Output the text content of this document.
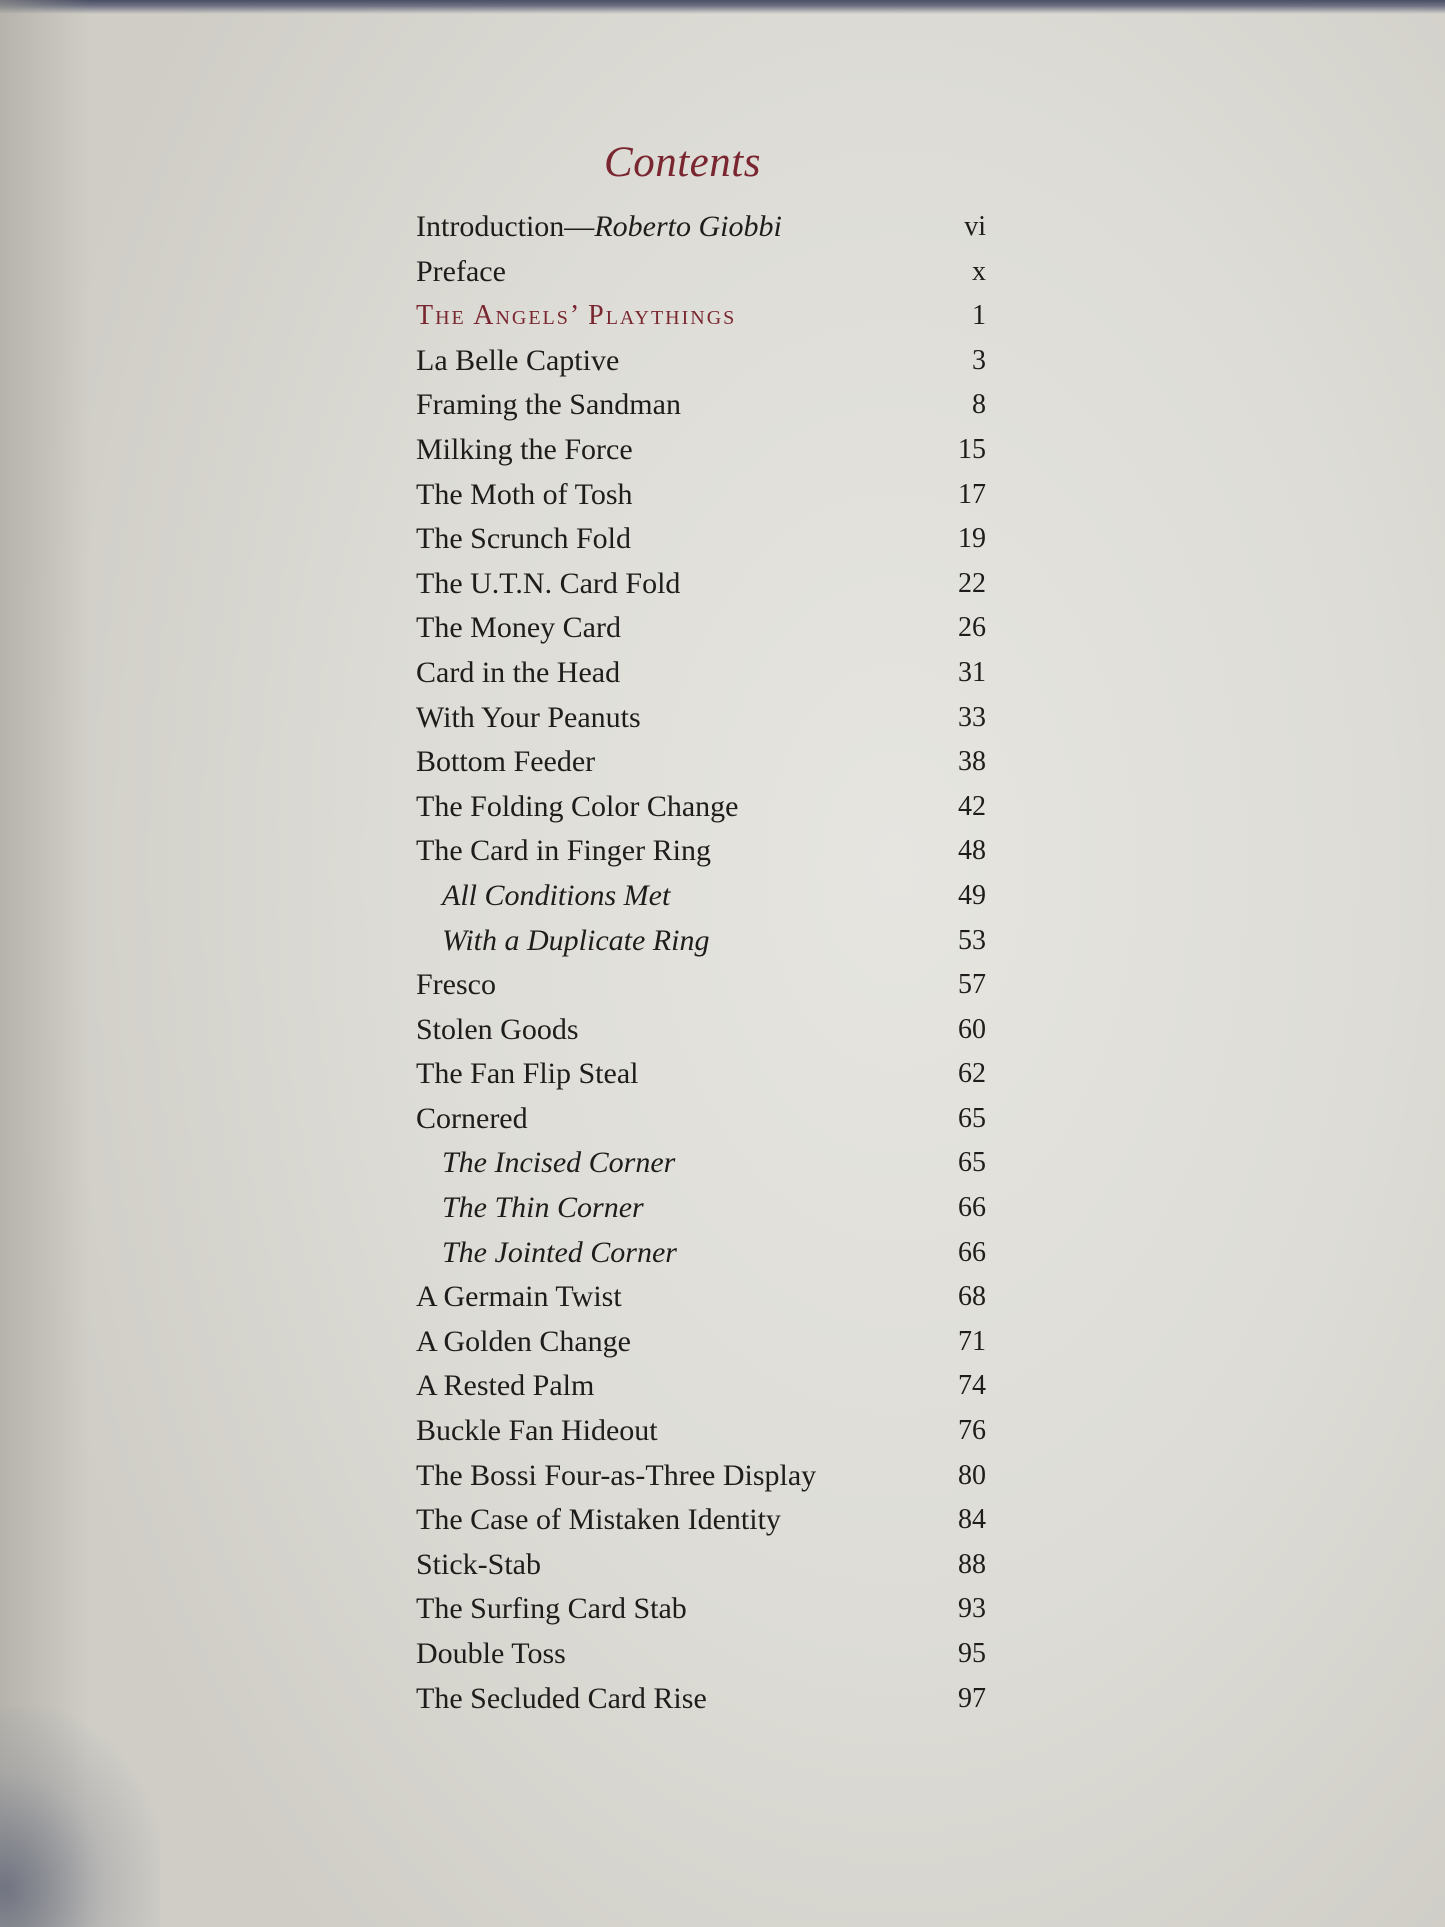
Contents
Introduction—Roberto Giobbi	vi
Preface	x
The Angels’ Playthings	1
La Belle Captive	3
Framing the Sandman	8
Milking the Force	15
The Moth of Tosh	17
The Scrunch Fold	19
The U.T.N. Card Fold	22
The Money Card	26
Card in the Head	31
With Your Peanuts	33
Bottom Feeder	38
The Folding Color Change	42
The Card in Finger Ring	48
All Conditions Met	49
With a Duplicate Ring	53
Fresco	57
Stolen Goods	60
The Fan Flip Steal	62
Cornered	65
The Incised Corner	65
The Thin Corner	66
The Jointed Corner	66
A Germain Twist	68
A Golden Change	71
A Rested Palm	74
Buckle Fan Hideout	76
The Bossi Four-as-Three Display	80
The Case of Mistaken Identity	84
Stick-Stab	88
The Surfing Card Stab	93
Double Toss	95
The Secluded Card Rise	97
